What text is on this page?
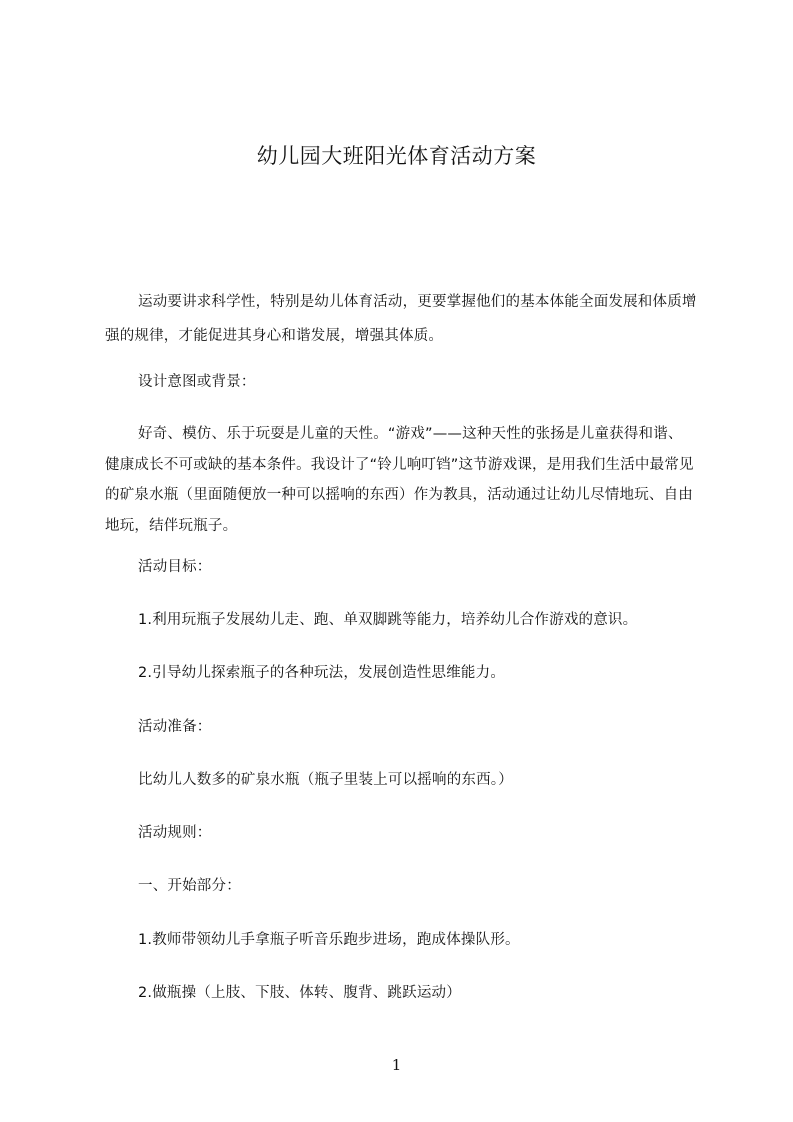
幼儿园大班阳光体育活动方案

运动要讲求科学性，特别是幼儿体育活动，更要掌握他们的基本体能全面发展和体质增强的规律，才能促进其身心和谐发展，增强其体质。

设计意图或背景：

好奇、模仿、乐于玩耍是儿童的天性。“游戏”——这种天性的张扬是儿童获得和谐、健康成长不可或缺的基本条件。我设计了“铃儿响叮铛”这节游戏课，是用我们生活中最常见的矿泉水瓶（里面随便放一种可以摇响的东西）作为教具，活动通过让幼儿尽情地玩、自由地玩，结伴玩瓶子。

活动目标：

1.利用玩瓶子发展幼儿走、跑、单双脚跳等能力，培养幼儿合作游戏的意识。

2.引导幼儿探索瓶子的各种玩法，发展创造性思维能力。

活动准备：

比幼儿人数多的矿泉水瓶（瓶子里装上可以摇响的东西。）

活动规则：

一、开始部分：

1.教师带领幼儿手拿瓶子听音乐跑步进场，跑成体操队形。

2.做瓶操（上肢、下肢、体转、腹背、跳跃运动）

1
